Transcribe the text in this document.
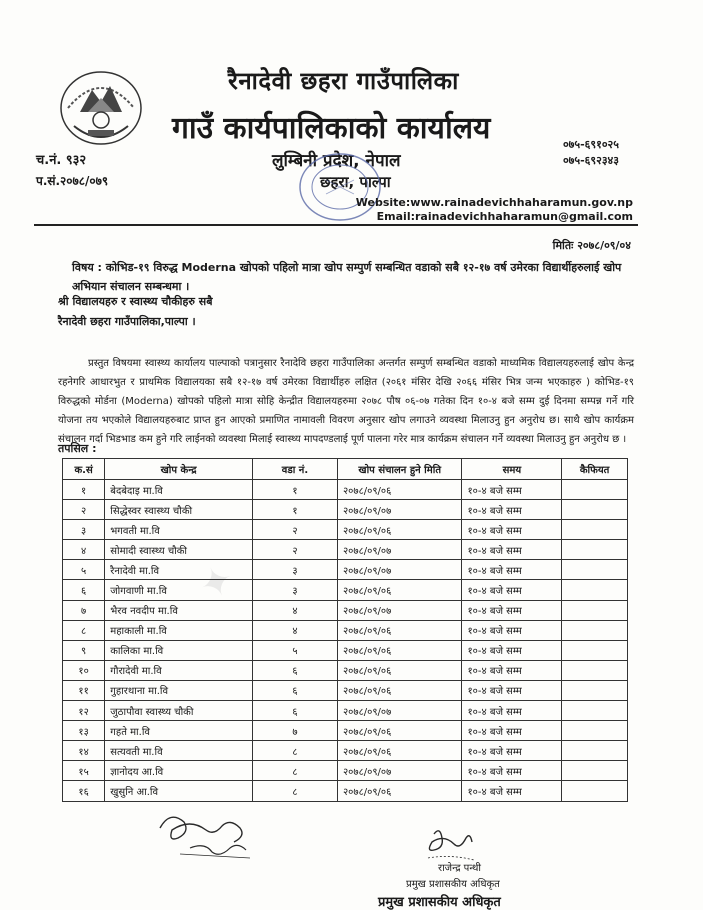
रैनादेवी छहरा गाउँपालिका
गाउँ कार्यपालिकाको कार्यालय
लुम्बिनी प्रदेश, नेपाल
छहरा, पाल्पा
०७५-६९१०२५
०७५-६९२३४३
च.नं. ९३२
प.सं.२०७८/०७९
Website:www.rainadevichhaharamun.gov.np
Email:rainadevichhaharamun@gmail.com
मितिः २०७८/०९/०४
विषय : कोभिड-१९ विरुद्ध Moderna खोपको पहिलो मात्रा खोप सम्पुर्ण सम्बन्धित वडाको सबै १२-१७ वर्ष उमेरका विद्यार्थीहरुलाई खोप अभियान संचालन सम्बन्धमा ।
श्री विद्यालयहरु र स्वास्थ्य चौकीहरु सबै
रैनादेवी छहरा गाउँपालिका,पाल्पा ।
प्रस्तुत विषयमा स्वास्थ्य कार्यालय पाल्पाको पत्रानुसार रैनादेवि छहरा गाउँपालिका अन्तर्गत सम्पुर्ण सम्बन्धित वडाको माध्यमिक विद्यालयहरुलाई खोप केन्द्र रहनेगरि आधारभुत र प्राथमिक विद्यालयका सबै १२-१७ वर्ष उमेरका विद्यार्थीहरु लक्षित (२०६१ मंसिर देखि २०६६ मंसिर भित्र जन्म भएकाहरु ) कोभिड-१९ विरुद्धको मोर्डना (Moderna) खोपको पहिलो मात्रा सोहि केन्द्रीत विद्यालयहरुमा २०७८ पौष ०६-०७ गतेका दिन १०-४ बजे सम्म दुई दिनमा सम्पन्न गर्ने गरि योजना तय भएकोले विद्यालयहरुबाट प्राप्त हुन आएको प्रमाणित नामावली विवरण अनुसार खोप लगाउने व्यवस्था मिलाउनु हुन अनुरोध छ। साथै खोप कार्यक्रम संचालन गर्दा भिडभाड कम हुने गरि लाईनको व्यवस्था मिलाई स्वास्थ्य मापदण्डलाई पूर्ण पालना गरेर मात्र कार्यक्रम संचालन गर्ने व्यवस्था मिलाउनु हुन अनुरोध छ ।
तपसिल :
✦
क.सं	खोप केन्द्र	वडा नं.	खोप संचालन हुने मिति	समय	कैफियत
१	बेदबेदाइ मा.वि	१	२०७८/०९/०६	१०-४ बजे सम्म	
२	सिद्धेस्वर स्वास्थ्य चौकी	१	२०७८/०९/०७	१०-४ बजे सम्म	
३	भगवती मा.वि	२	२०७८/०९/०६	१०-४ बजे सम्म	
४	सोमादी स्वास्थ्य चौकी	२	२०७८/०९/०७	१०-४ बजे सम्म	
५	रैनादेवी मा.वि	३	२०७८/०९/०७	१०-४ बजे सम्म	
६	जोगवाणी मा.वि	३	२०७८/०९/०६	१०-४ बजे सम्म	
७	भैरव नवदीप मा.वि	४	२०७८/०९/०७	१०-४ बजे सम्म	
८	महाकाली मा.वि	४	२०७८/०९/०६	१०-४ बजे सम्म	
९	कालिका मा.वि	५	२०७८/०९/०६	१०-४ बजे सम्म	
१०	गौरादेवी मा.वि	६	२०७८/०९/०६	१०-४ बजे सम्म	
११	गुहारथाना मा.वि	६	२०७८/०९/०६	१०-४ बजे सम्म	
१२	जुठापौवा स्वास्थ्य चौकी	६	२०७८/०९/०७	१०-४ बजे सम्म	
१३	गहते मा.वि	७	२०७८/०९/०६	१०-४ बजे सम्म	
१४	सत्यवती मा.वि	८	२०७८/०९/०६	१०-४ बजे सम्म	
१५	ज्ञानोदय आ.वि	८	२०७८/०९/०७	१०-४ बजे सम्म	
१६	खुसुनि आ.वि	८	२०७८/०९/०६	१०-४ बजे सम्म	
राजेन्द्र पन्थी
प्रमुख प्रशासकीय अधिकृत
प्रमुख प्रशासकीय अधिकृत
